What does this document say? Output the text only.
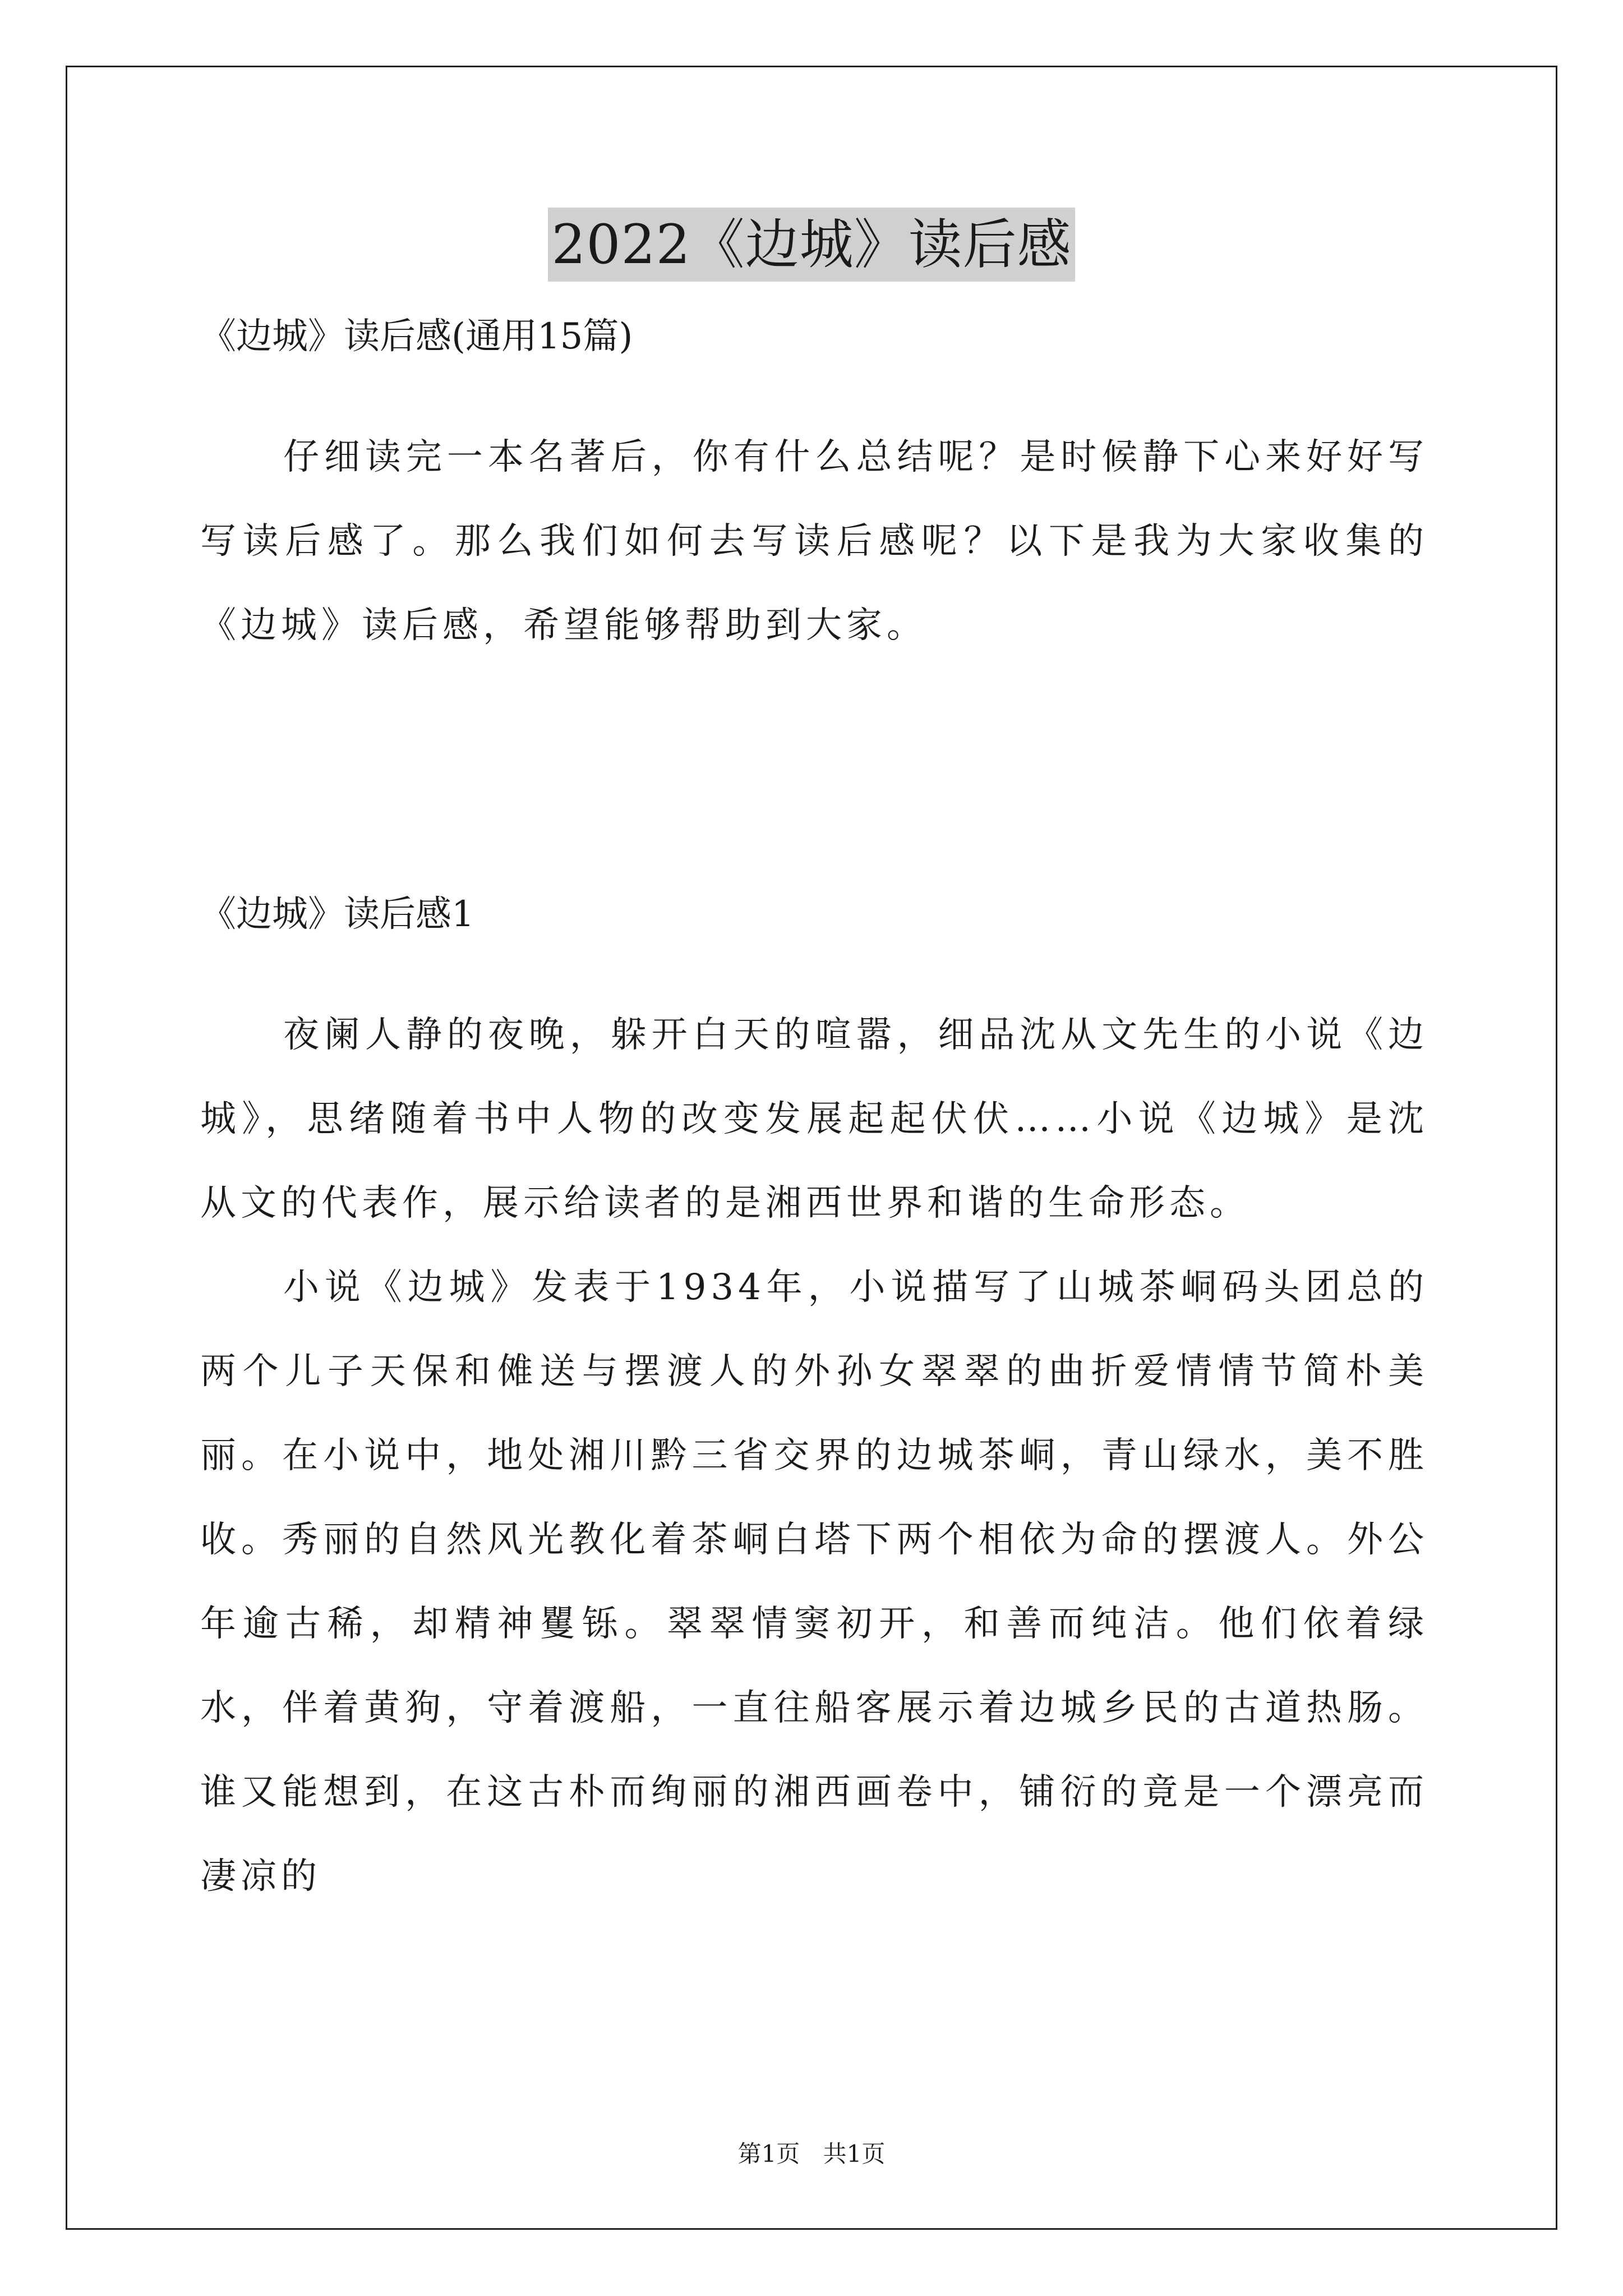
2022《边城》读后感

《边城》读后感(通用15篇)

仔细读完一本名著后，你有什么总结呢？是时候静下心来好好写写读后感了。那么我们如何去写读后感呢？以下是我为大家收集的《边城》读后感，希望能够帮助到大家。

《边城》读后感1

夜阑人静的夜晚，躲开白天的喧嚣，细品沈从文先生的小说《边城》，思绪随着书中人物的改变发展起起伏伏……小说《边城》是沈从文的代表作，展示给读者的是湘西世界和谐的生命形态。

小说《边城》发表于1934年，小说描写了山城茶峒码头团总的两个儿子天保和傩送与摆渡人的外孙女翠翠的曲折爱情情节简朴美丽。在小说中，地处湘川黔三省交界的边城茶峒，青山绿水，美不胜收。秀丽的自然风光教化着茶峒白塔下两个相依为命的摆渡人。外公年逾古稀，却精神矍铄。翠翠情窦初开，和善而纯洁。他们依着绿水，伴着黄狗，守着渡船，一直往船客展示着边城乡民的古道热肠。谁又能想到，在这古朴而绚丽的湘西画卷中，铺衍的竟是一个漂亮而凄凉的

第1页 共1页
